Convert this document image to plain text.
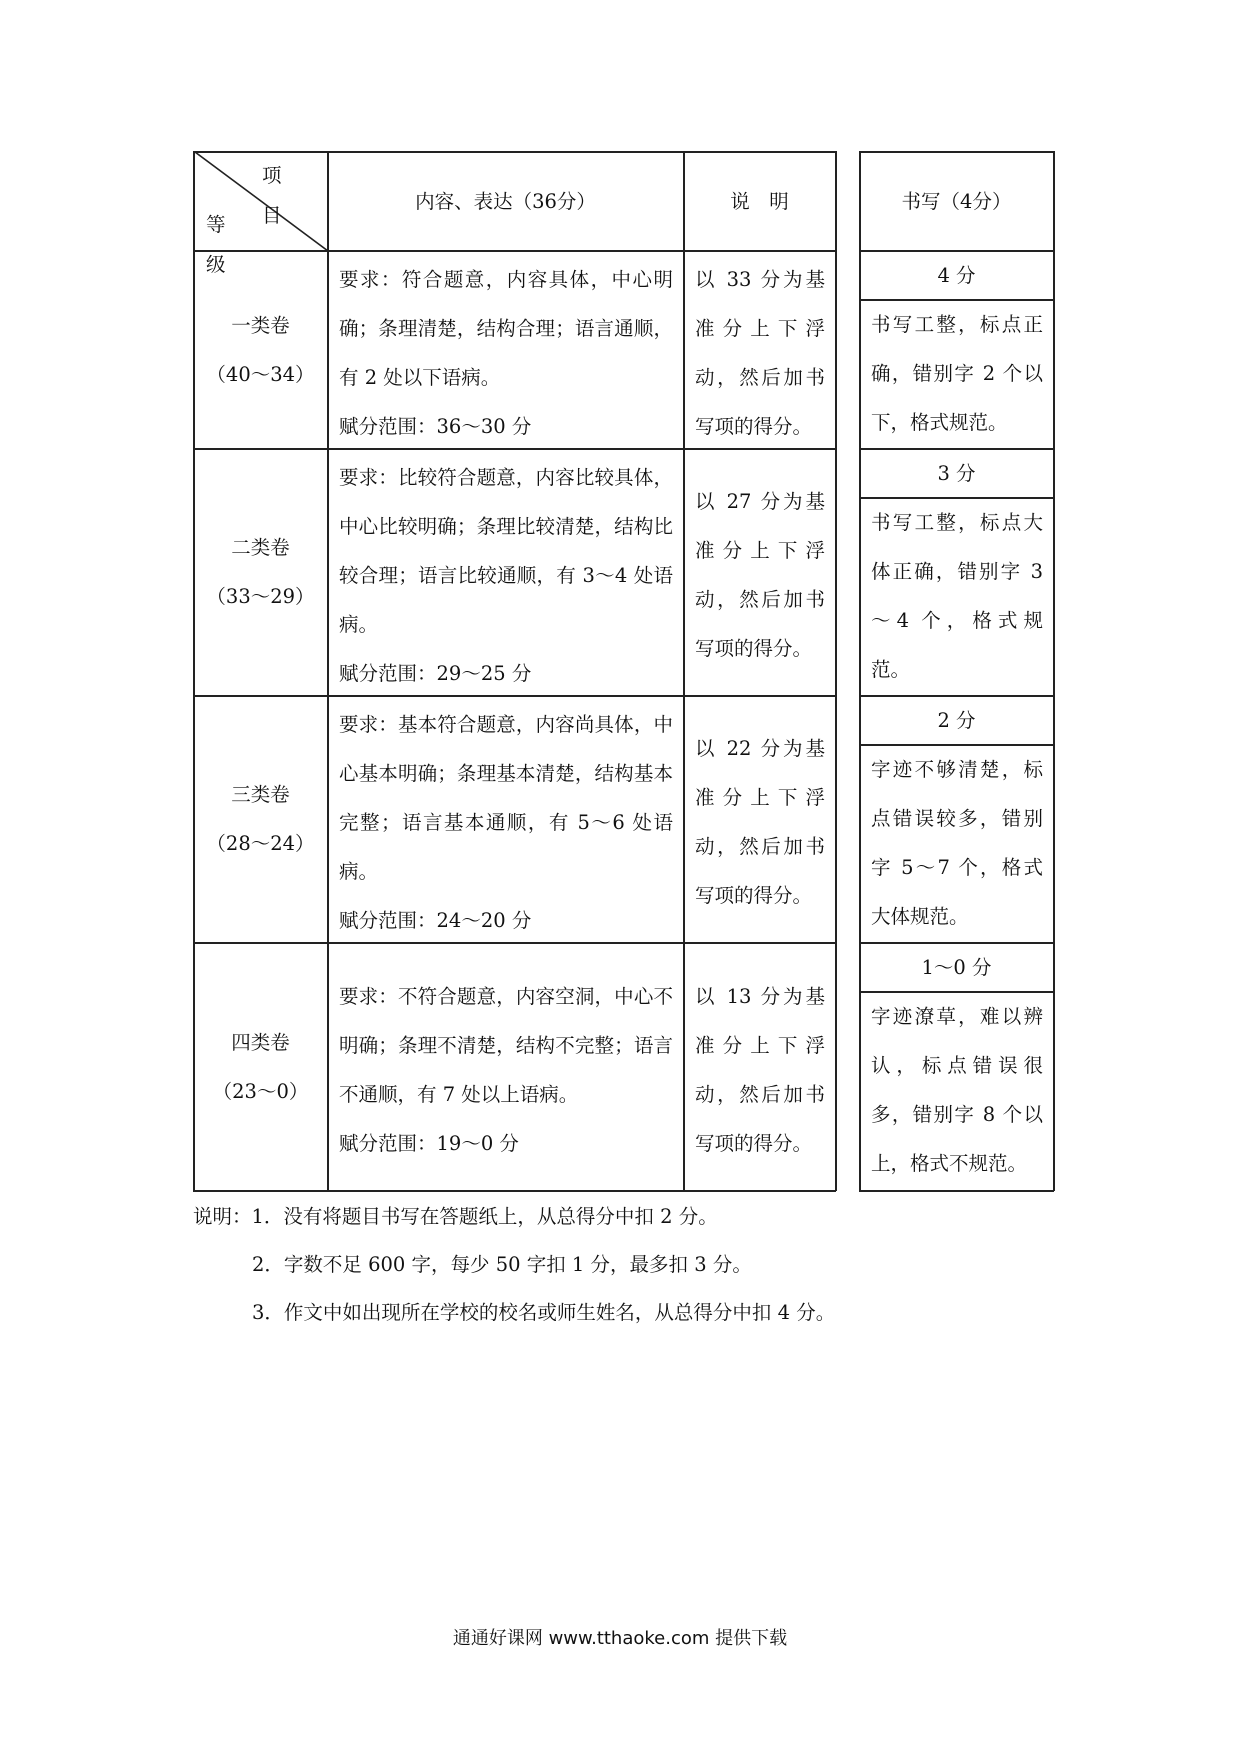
项目
等级
内容、表达（36分）	说　明	书写（4分）
一类卷
（40～34）
要求：符合题意，内容具体，中心明确；条理清楚，结构合理；语言通顺，有 2 处以下语病。
赋分范围：36～30 分
以 33 分为基准分上下浮动，然后加书写项的得分。
4 分
书写工整，标点正确，错别字 2 个以下，格式规范。
二类卷
（33～29）
要求：比较符合题意，内容比较具体，中心比较明确；条理比较清楚，结构比较合理；语言比较通顺，有 3～4 处语病。
赋分范围：29～25 分
以 27 分为基准分上下浮动，然后加书写项的得分。
3 分
书写工整，标点大体正确，错别字 3～4 个，格式规范。
三类卷
（28～24）
要求：基本符合题意，内容尚具体，中心基本明确；条理基本清楚，结构基本完整；语言基本通顺，有 5～6 处语病。
赋分范围：24～20 分
以 22 分为基准分上下浮动，然后加书写项的得分。
2 分
字迹不够清楚，标点错误较多，错别字 5～7 个，格式大体规范。
四类卷
（23～0）
要求：不符合题意，内容空洞，中心不明确；条理不清楚，结构不完整；语言不通顺，有 7 处以上语病。
赋分范围：19～0 分
以 13 分为基准分上下浮动，然后加书写项的得分。
1～0 分
字迹潦草，难以辨认，标点错误很多，错别字 8 个以上，格式不规范。
说明：1．没有将题目书写在答题纸上，从总得分中扣 2 分。
2．字数不足 600 字，每少 50 字扣 1 分，最多扣 3 分。
3．作文中如出现所在学校的校名或师生姓名，从总得分中扣 4 分。
通通好课网 www.tthaoke.com 提供下载
